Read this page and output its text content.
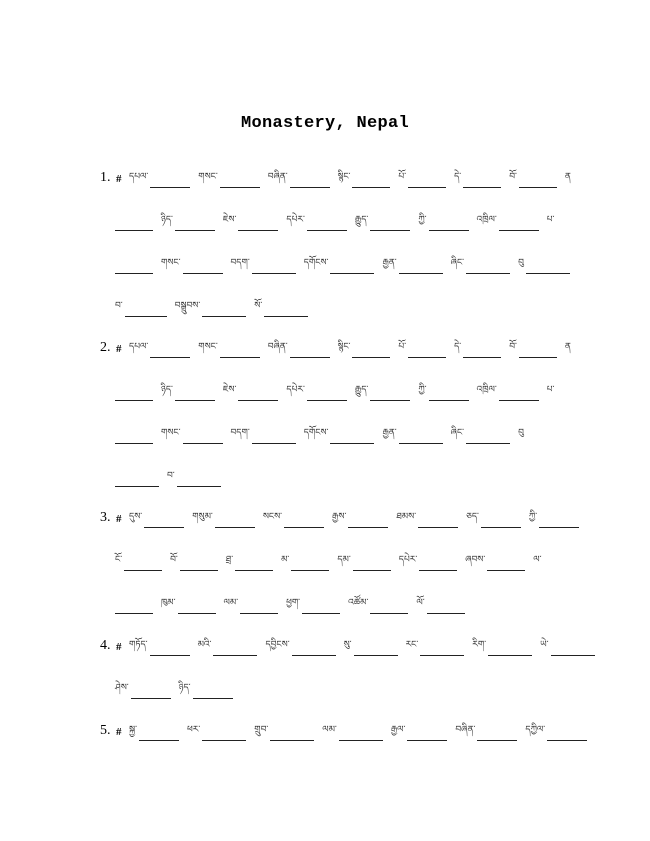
Monastery, Nepal
1. # དཔལ་	གསང་	བཞིན་	སྙིང་	པོ་	དེ་	བོ་	ན
ཉིད་	ཇེས་	དཔེར་	རྒྱུད་	ཀྱི་	འཁྲིལ་	པ་
གསང་	བདག་	དགོངས་	རྒྱན་	ཞིང་	བུ
བ་	བསྒྲུབས་	སོ་
2. # དཔལ་	གསང་	བཞིན་	སྙིང་	པོ་	དེ་	བོ་	ན
ཉིད་	ཇེས་	དཔེར་	རྒྱུད་	ཀྱི་	འཁྲིལ་	པ་
གསང་	བདག་	དགོངས་	རྒྱན་	ཞིང་	བུ
བ་
3. # དུས་	གསུམ་	སངས་	རྒྱས་	ཐམས་	ཅད་	ཀྱི་
ངོ་	བོ་	ཐྲ་	མ་	དམ་	དཔེར་	ཞབས་	ལ་
ཁུམ་	ལམ་	ཕྱག་	འཚོམ་	ལོ་
4. # གཏོད་	མའི་	དབྱིངས་	སུ་	རང་	རིག་	ཡེ་
ཤེས་	ཉིད་
5. # སྐྱ་	ཕར་	གྲུབ་	ལམ་	རྒྱལ་	བཞིན་	དཀྱིལ་
